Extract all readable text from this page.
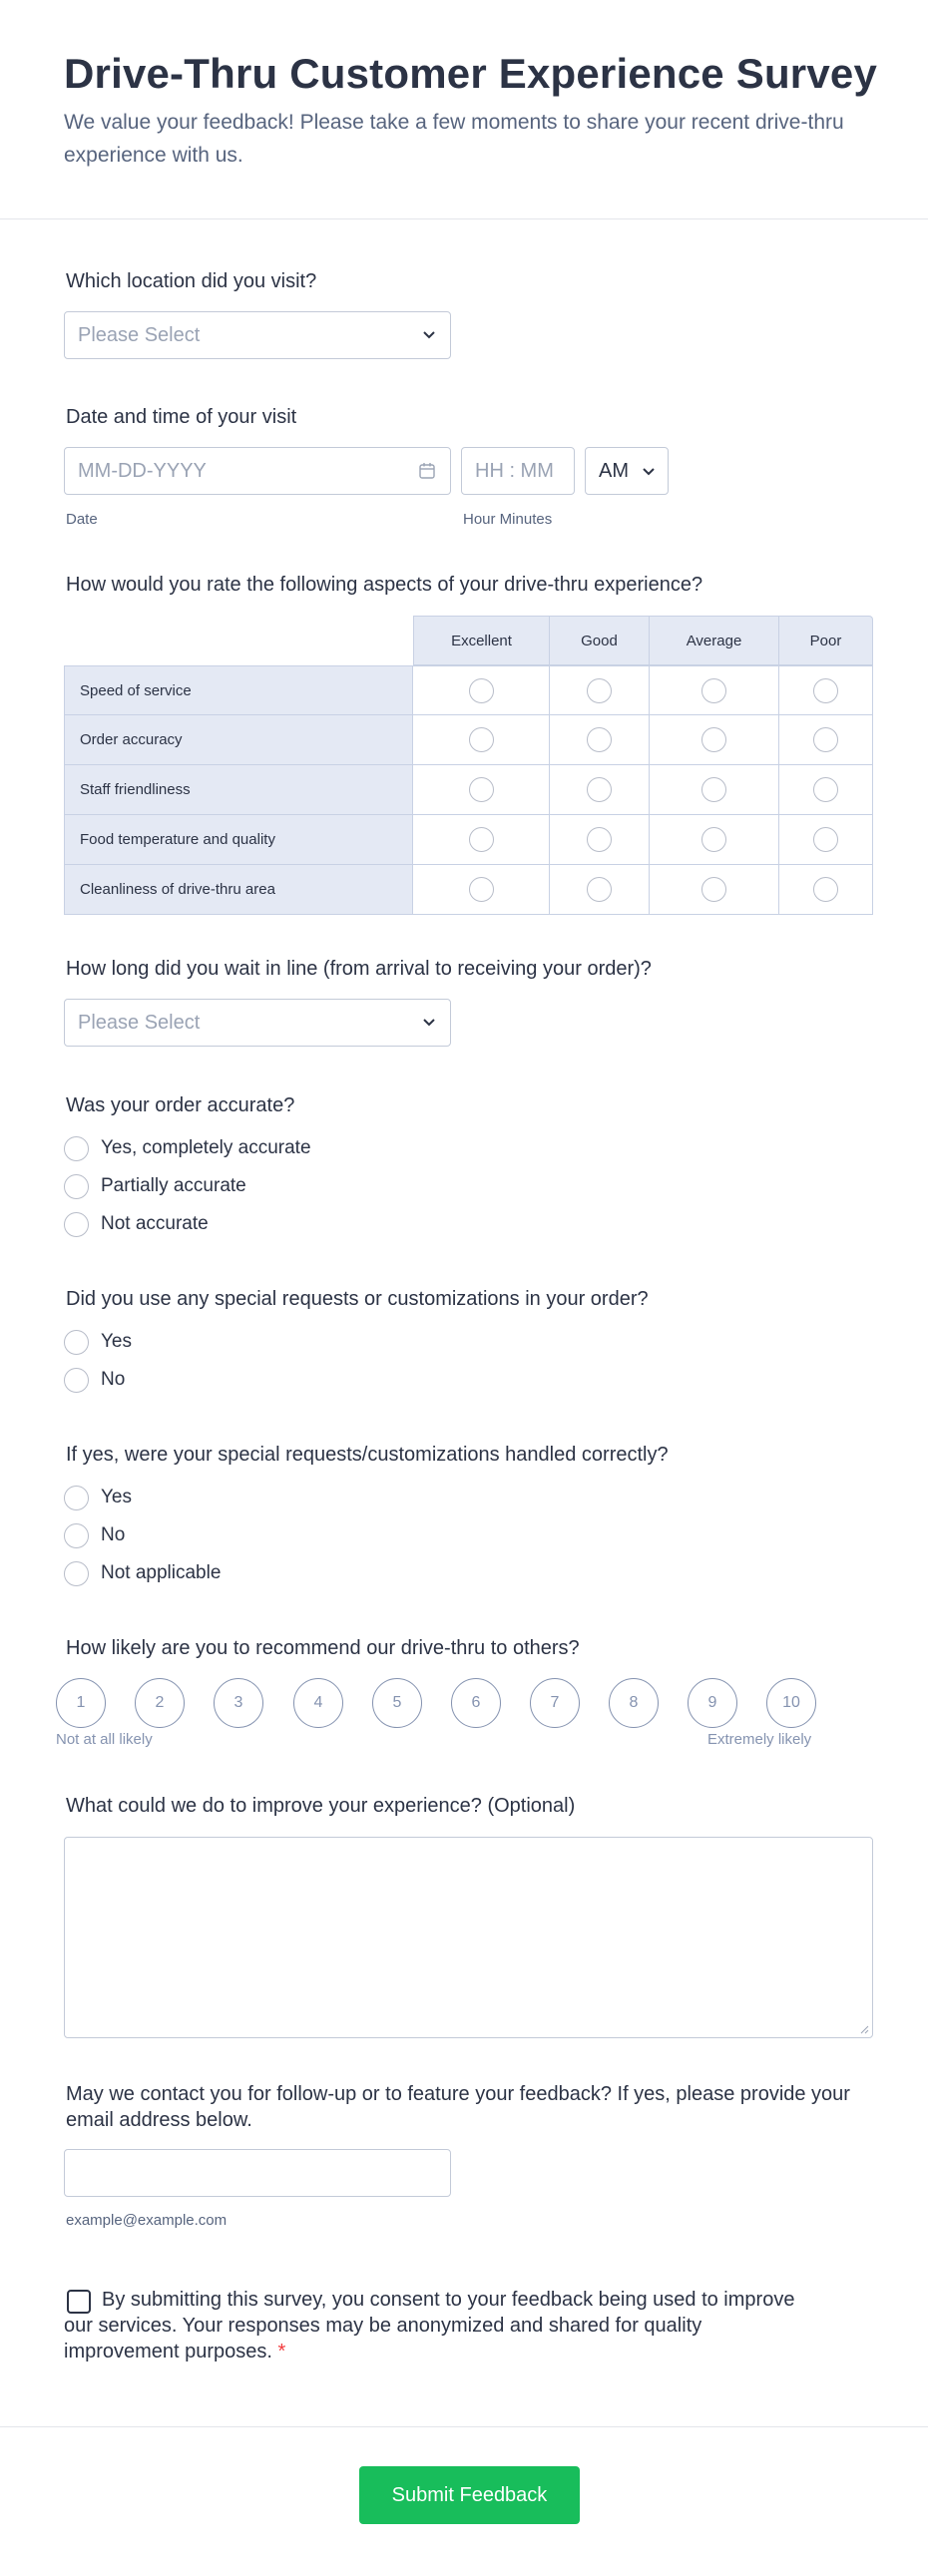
Drive-Thru Customer Experience Survey
We value your feedback! Please take a few moments to share your recent drive-thru experience with us.
Which location did you visit?
Please Select
Date and time of your visit
MM-DD-YYYY
Date
HH : MM AM
Hour Minutes
How would you rate the following aspects of your drive-thru experience?
Excellent	Good	Average	Poor
Speed of service
Order accuracy
Staff friendliness
Food temperature and quality
Cleanliness of drive-thru area
How long did you wait in line (from arrival to receiving your order)?
Please Select
Was your order accurate?
Yes, completely accurate
Partially accurate
Not accurate
Did you use any special requests or customizations in your order?
Yes
No
If yes, were your special requests/customizations handled correctly?
Yes
No
Not applicable
How likely are you to recommend our drive-thru to others?
1	2	3	4	5	6	7	8	9	10
Not at all likely	Extremely likely
What could we do to improve your experience? (Optional)
May we contact you for follow-up or to feature your feedback? If yes, please provide your email address below.
example@example.com
By submitting this survey, you consent to your feedback being used to improve our services. Your responses may be anonymized and shared for quality improvement purposes. *
Submit Feedback
